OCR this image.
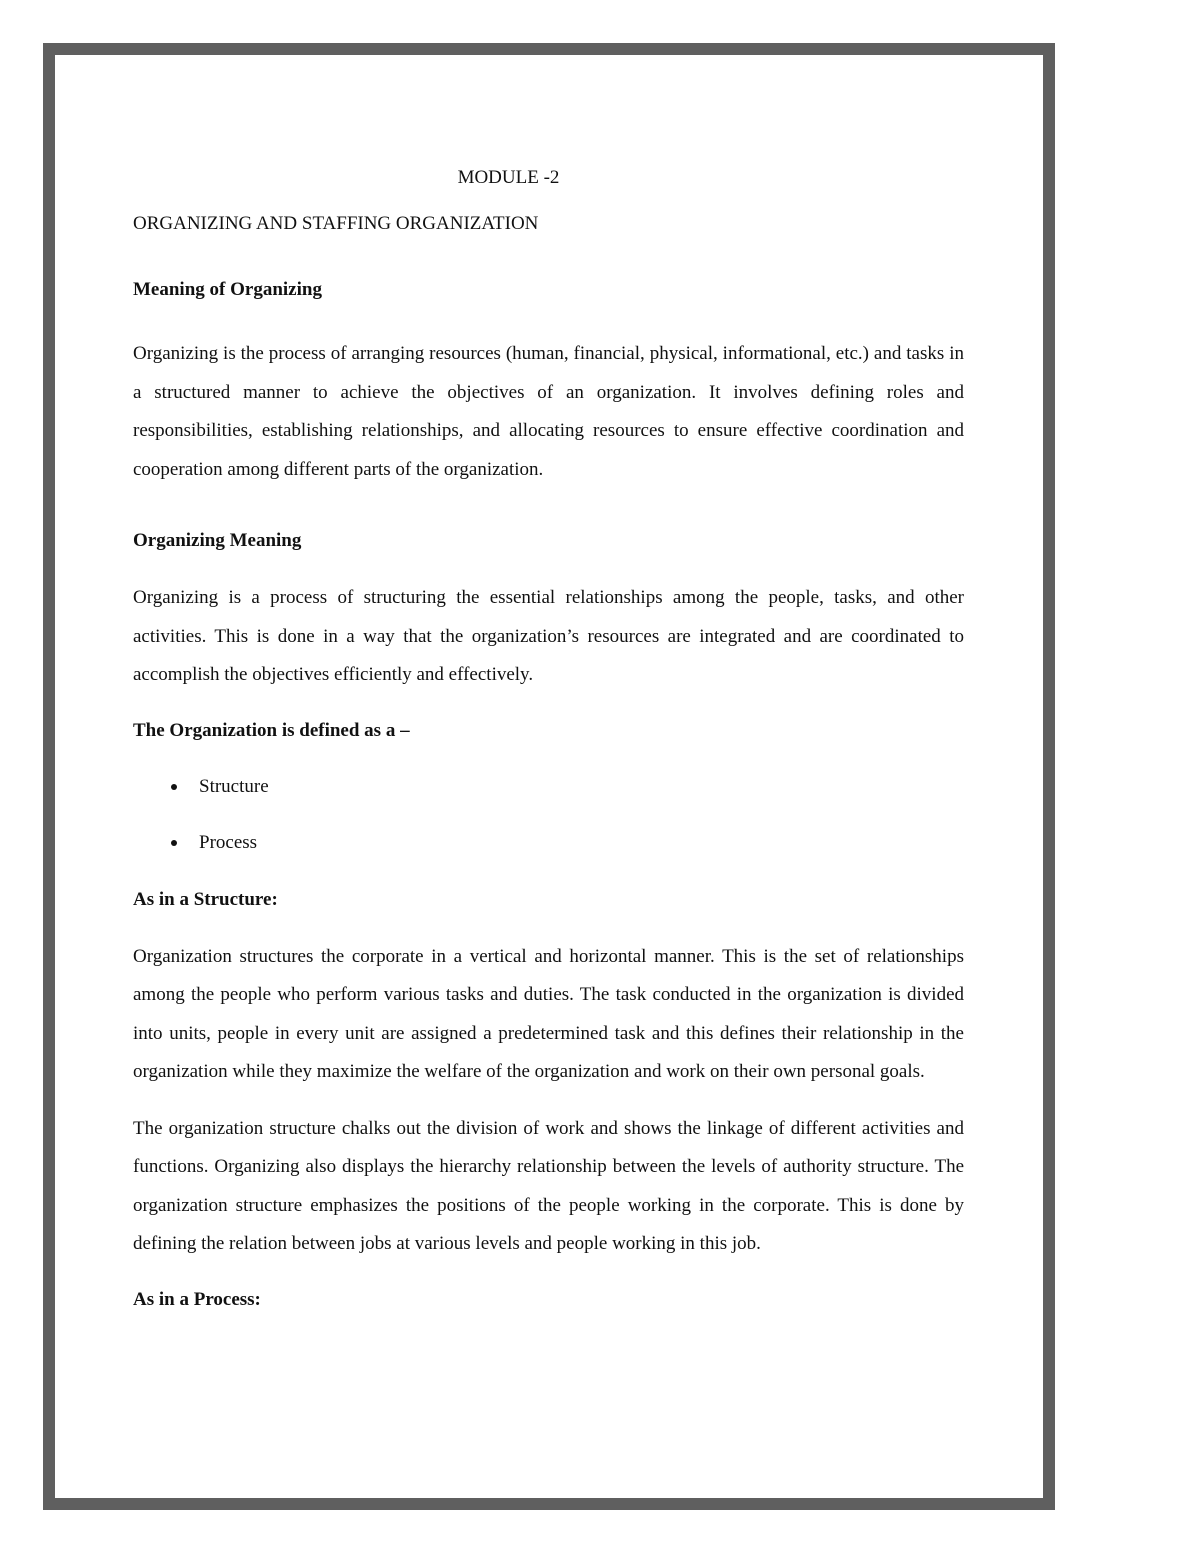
MODULE -2
ORGANIZING AND STAFFING ORGANIZATION
Meaning of Organizing

Organizing is the process of arranging resources (human, financial, physical, informational, etc.) and tasks in a structured manner to achieve the objectives of an organization. It involves defining roles and responsibilities, establishing relationships, and allocating resources to ensure effective coordination and cooperation among different parts of the organization.

Organizing Meaning

Organizing is a process of structuring the essential relationships among the people, tasks, and other activities. This is done in a way that the organization’s resources are integrated and are coordinated to accomplish the objectives efficiently and effectively.

The Organization is defined as a –
Structure
Process
As in a Structure:

Organization structures the corporate in a vertical and horizontal manner. This is the set of relationships among the people who perform various tasks and duties. The task conducted in the organization is divided into units, people in every unit are assigned a predetermined task and this defines their relationship in the organization while they maximize the welfare of the organization and work on their own personal goals.

The organization structure chalks out the division of work and shows the linkage of different activities and functions. Organizing also displays the hierarchy relationship between the levels of authority structure. The organization structure emphasizes the positions of the people working in the corporate. This is done by defining the relation between jobs at various levels and people working in this job.

As in a Process:
